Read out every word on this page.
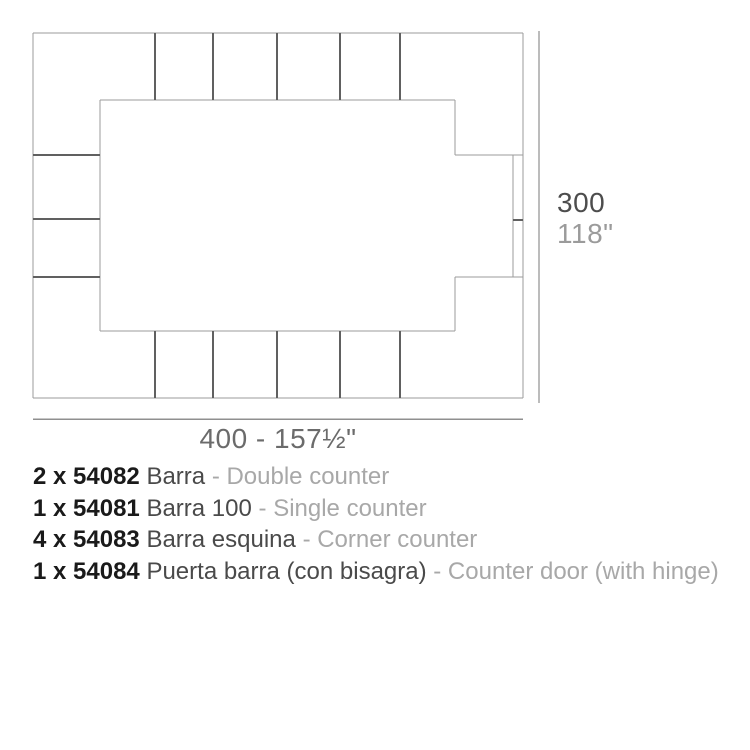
300
118"
400 - 157½"
2 x 54082 Barra - Double counter
1 x 54081 Barra 100 - Single counter
4 x 54083 Barra esquina - Corner counter
1 x 54084 Puerta barra (con bisagra) - Counter door (with hinge)
